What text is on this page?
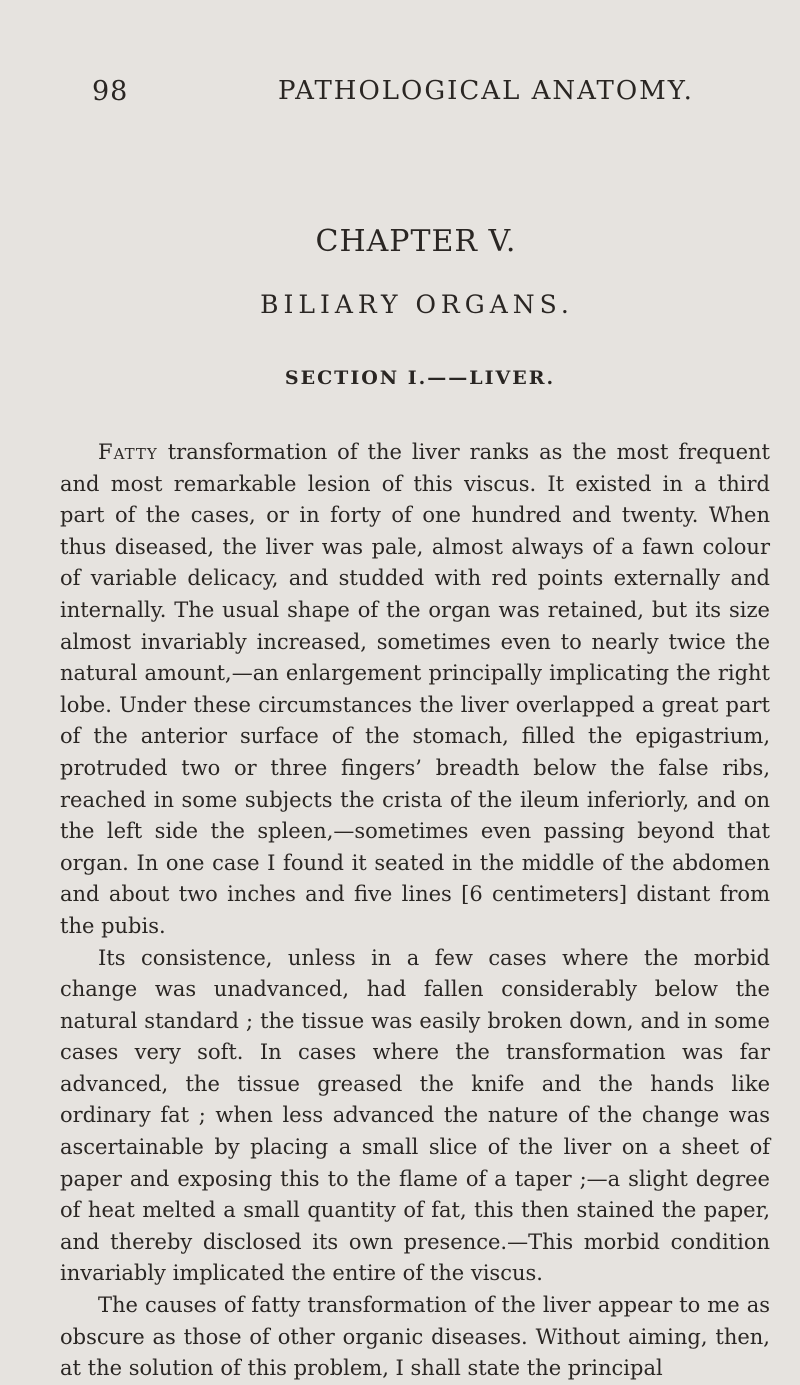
98	PATHOLOGICAL ANATOMY.
CHAPTER V.
BILIARY ORGANS.
SECTION I.——LIVER.

Fatty transformation of the liver ranks as the most frequent and most remarkable lesion of this viscus. It existed in a third part of the cases, or in forty of one hundred and twenty. When thus diseased, the liver was pale, almost always of a fawn colour of variable delicacy, and studded with red points externally and internally. The usual shape of the organ was retained, but its size almost invariably increased, sometimes even to nearly twice the natural amount,—an enlargement principally implicating the right lobe. Under these circumstances the liver overlapped a great part of the anterior surface of the stomach, filled the epigastrium, protruded two or three fingers’ breadth below the false ribs, reached in some subjects the crista of the ileum inferiorly, and on the left side the spleen,—sometimes even passing beyond that organ. In one case I found it seated in the middle of the abdomen and about two inches and five lines [6 centimeters] distant from the pubis.

Its consistence, unless in a few cases where the morbid change was unadvanced, had fallen considerably below the natural standard ; the tissue was easily broken down, and in some cases very soft. In cases where the transformation was far advanced, the tissue greased the knife and the hands like ordinary fat ; when less advanced the nature of the change was ascertainable by placing a small slice of the liver on a sheet of paper and exposing this to the flame of a taper ;—a slight degree of heat melted a small quantity of fat, this then stained the paper, and thereby disclosed its own presence.—This morbid condition invariably implicated the entire of the viscus.

The causes of fatty transformation of the liver appear to me as obscure as those of other organic diseases. Without aiming, then, at the solution of this problem, I shall state the principal
